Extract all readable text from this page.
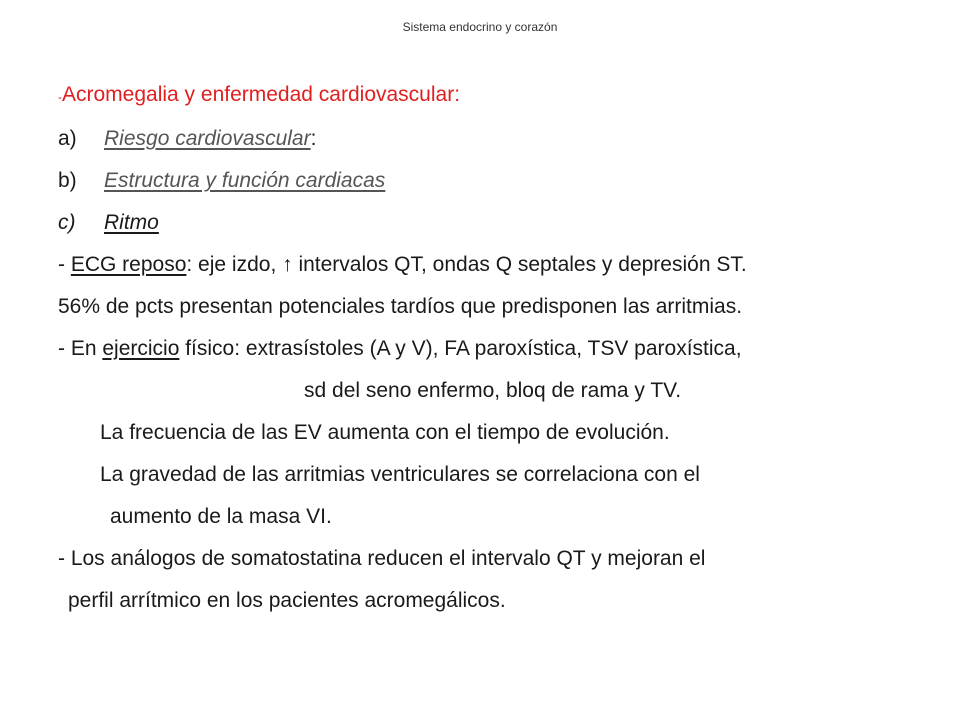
Sistema endocrino y corazón
-Acromegalia y enfermedad cardiovascular:
a) Riesgo cardiovascular:
b) Estructura y función cardiacas
c) Ritmo
- ECG reposo: eje izdo, ↑ intervalos QT, ondas Q septales y depresión ST.
56% de pcts presentan potenciales tardíos que predisponen las arritmias.
- En ejercicio físico: extrasístoles (A y V), FA paroxística, TSV paroxística,
sd del seno enfermo, bloq de rama y TV.
La frecuencia de las EV aumenta con el tiempo de evolución.
La gravedad de las arritmias ventriculares se correlaciona con el
aumento de la masa VI.
- Los análogos de somatostatina reducen el intervalo QT y mejoran el
perfil arrítmico en los pacientes acromegálicos.
